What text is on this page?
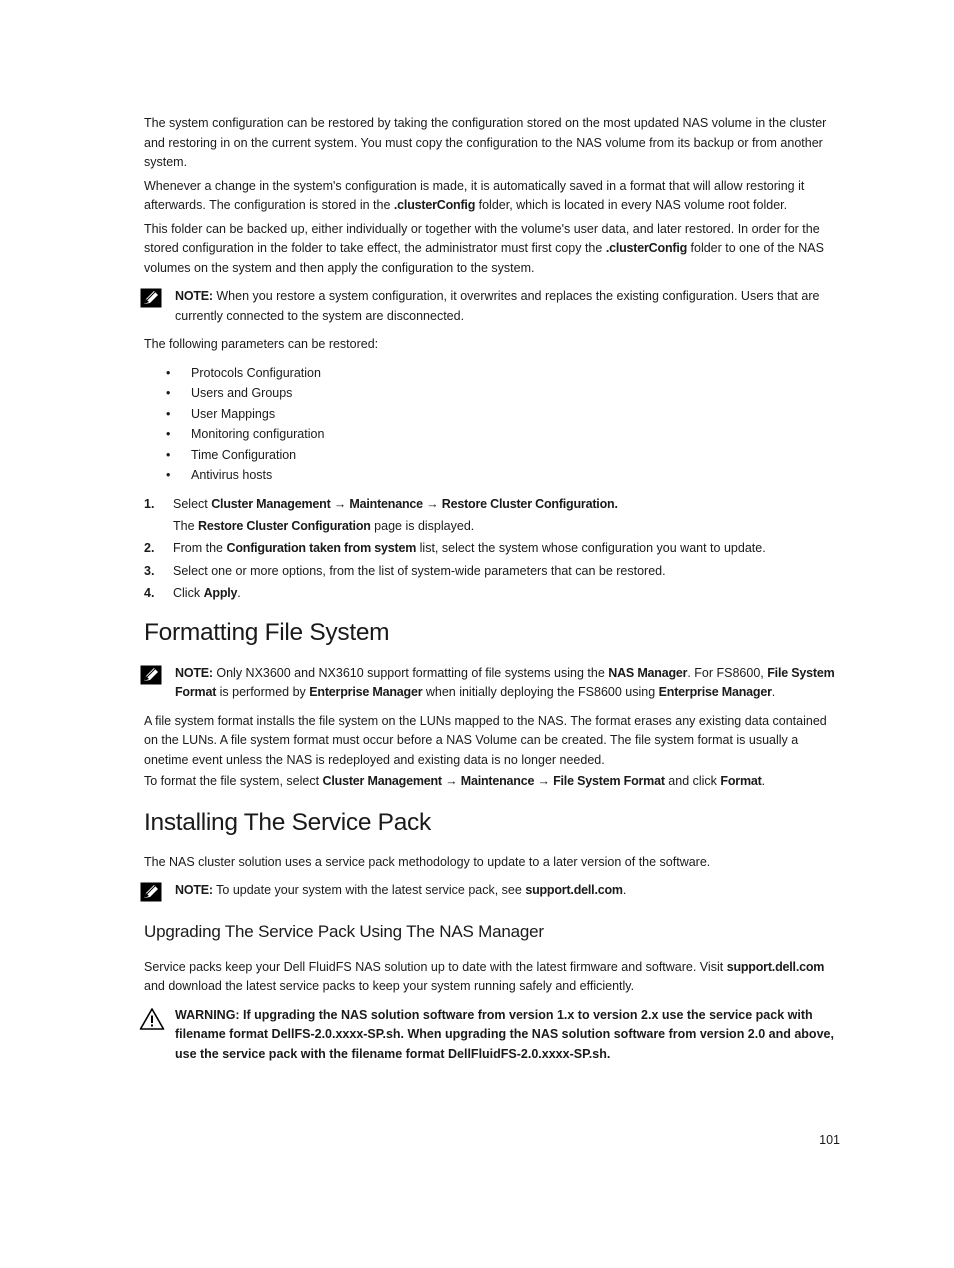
The system configuration can be restored by taking the configuration stored on the most updated NAS volume in the cluster and restoring in on the current system. You must copy the configuration to the NAS volume from its backup or from another system.

Whenever a change in the system's configuration is made, it is automatically saved in a format that will allow restoring it afterwards. The configuration is stored in the .clusterConfig folder, which is located in every NAS volume root folder.

This folder can be backed up, either individually or together with the volume's user data, and later restored. In order for the stored configuration in the folder to take effect, the administrator must first copy the .clusterConfig folder to one of the NAS volumes on the system and then apply the configuration to the system.

NOTE: When you restore a system configuration, it overwrites and replaces the existing configuration. Users that are currently connected to the system are disconnected.

The following parameters can be restored:

• Protocols Configuration
• Users and Groups
• User Mappings
• Monitoring configuration
• Time Configuration
• Antivirus hosts
1. Select Cluster Management → Maintenance → Restore Cluster Configuration.
The Restore Cluster Configuration page is displayed.
2. From the Configuration taken from system list, select the system whose configuration you want to update.
3. Select one or more options, from the list of system-wide parameters that can be restored.
4. Click Apply.
Formatting File System

NOTE: Only NX3600 and NX3610 support formatting of file systems using the NAS Manager. For FS8600, File System Format is performed by Enterprise Manager when initially deploying the FS8600 using Enterprise Manager.

A file system format installs the file system on the LUNs mapped to the NAS. The format erases any existing data contained on the LUNs. A file system format must occur before a NAS Volume can be created. The file system format is usually a onetime event unless the NAS is redeployed and existing data is no longer needed.

To format the file system, select Cluster Management → Maintenance → File System Format and click Format.

Installing The Service Pack

The NAS cluster solution uses a service pack methodology to update to a later version of the software.

NOTE: To update your system with the latest service pack, see support.dell.com.

Upgrading The Service Pack Using The NAS Manager

Service packs keep your Dell FluidFS NAS solution up to date with the latest firmware and software. Visit support.dell.com and download the latest service packs to keep your system running safely and efficiently.

WARNING: If upgrading the NAS solution software from version 1.x to version 2.x use the service pack with filename format DellFS-2.0.xxxx-SP.sh. When upgrading the NAS solution software from version 2.0 and above, use the service pack with the filename format DellFluidFS-2.0.xxxx-SP.sh.

101
